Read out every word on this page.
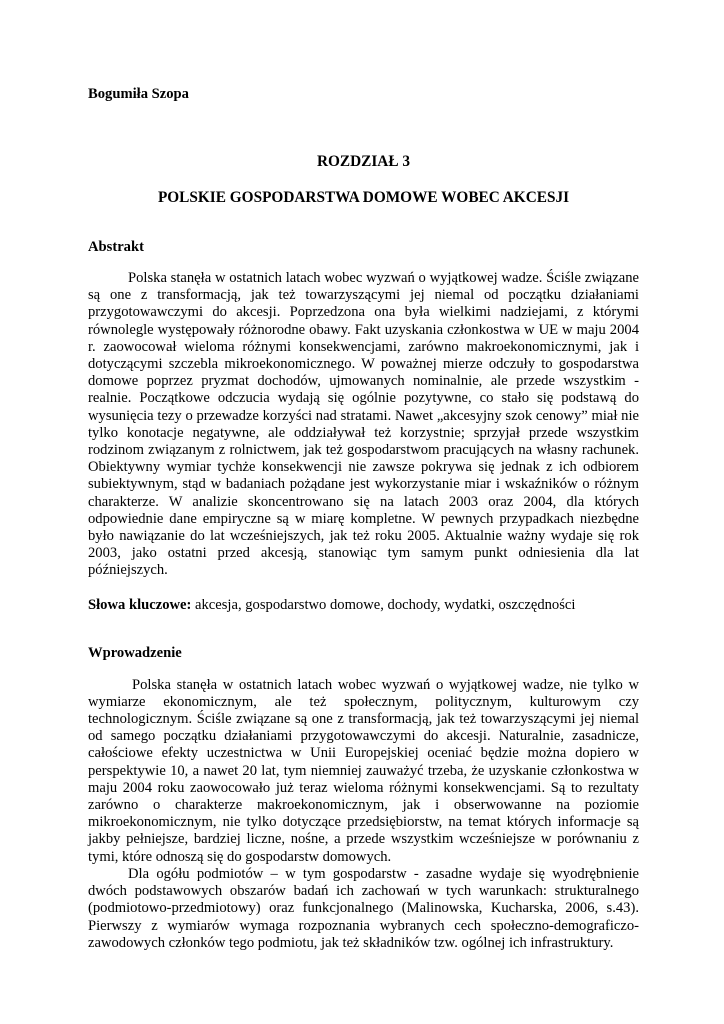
Bogumiła Szopa

ROZDZIAŁ 3

POLSKIE GOSPODARSTWA DOMOWE WOBEC AKCESJI

Abstrakt

Polska stanęła w ostatnich latach wobec wyzwań o wyjątkowej wadze. Ściśle związane są one z transformacją, jak też towarzyszącymi jej niemal od początku działaniami przygotowawczymi do akcesji. Poprzedzona ona była wielkimi nadziejami, z którymi równolegle występowały różnorodne obawy. Fakt uzyskania członkostwa w UE w maju 2004 r. zaowocował wieloma różnymi konsekwencjami, zarówno makroekonomicznymi, jak i dotyczącymi szczebla mikroekonomicznego. W poważnej mierze odczuły to gospodarstwa domowe poprzez pryzmat dochodów, ujmowanych nominalnie, ale przede wszystkim - realnie. Początkowe odczucia wydają się ogólnie pozytywne, co stało się podstawą do wysunięcia tezy o przewadze korzyści nad stratami. Nawet „akcesyjny szok cenowy” miał nie tylko konotacje negatywne, ale oddziaływał też korzystnie; sprzyjał przede wszystkim rodzinom związanym z rolnictwem, jak też gospodarstwom pracujących na własny rachunek. Obiektywny wymiar tychże konsekwencji nie zawsze pokrywa się jednak z ich odbiorem subiektywnym, stąd w badaniach pożądane jest wykorzystanie miar i wskaźników o różnym charakterze. W analizie skoncentrowano się na latach 2003 oraz 2004, dla których odpowiednie dane empiryczne są w miarę kompletne. W pewnych przypadkach niezbędne było nawiązanie do lat wcześniejszych, jak też roku 2005. Aktualnie ważny wydaje się rok 2003, jako ostatni przed akcesją, stanowiąc tym samym punkt odniesienia dla lat późniejszych.

Słowa kluczowe: akcesja, gospodarstwo domowe, dochody, wydatki, oszczędności

Wprowadzenie

Polska stanęła w ostatnich latach wobec wyzwań o wyjątkowej wadze, nie tylko w wymiarze ekonomicznym, ale też społecznym, politycznym, kulturowym czy technologicznym. Ściśle związane są one z transformacją, jak też towarzyszącymi jej niemal od samego początku działaniami przygotowawczymi do akcesji. Naturalnie, zasadnicze, całościowe efekty uczestnictwa w Unii Europejskiej oceniać będzie można dopiero w perspektywie 10, a nawet 20 lat, tym niemniej zauważyć trzeba, że uzyskanie członkostwa w maju 2004 roku zaowocowało już teraz wieloma różnymi konsekwencjami. Są to rezultaty zarówno o charakterze makroekonomicznym, jak i obserwowanne na poziomie mikroekonomicznym, nie tylko dotyczące przedsiębiorstw, na temat których informacje są jakby pełniejsze, bardziej liczne, nośne, a przede wszystkim wcześniejsze w porównaniu z tymi, które odnoszą się do gospodarstw domowych.

Dla ogółu podmiotów – w tym gospodarstw - zasadne wydaje się wyodrębnienie dwóch podstawowych obszarów badań ich zachowań w tych warunkach: strukturalnego (podmiotowo-przedmiotowy) oraz funkcjonalnego (Malinowska, Kucharska, 2006, s.43). Pierwszy z wymiarów wymaga rozpoznania wybranych cech społeczno-demograficzo-zawodowych członków tego podmiotu, jak też składników tzw. ogólnej ich infrastruktury.
